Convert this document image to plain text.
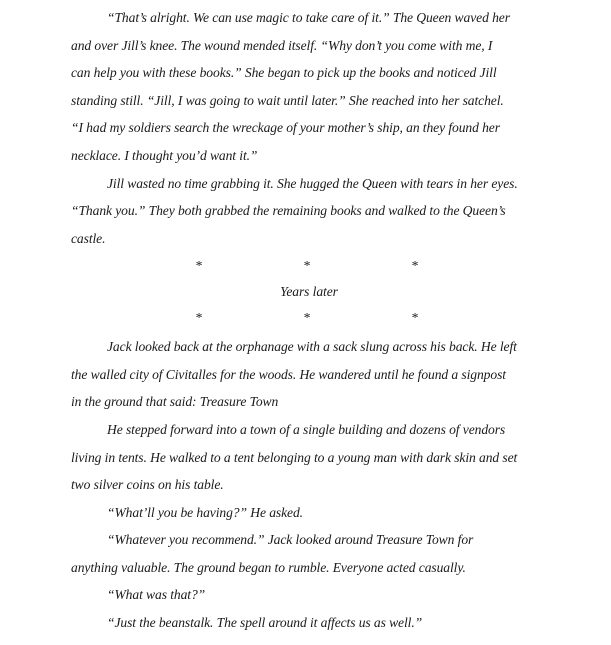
“That’s alright. We can use magic to take care of it.” The Queen waved her
and over Jill’s knee. The wound mended itself. “Why don’t you come with me, I
can help you with these books.” She began to pick up the books and noticed Jill
standing still. “Jill, I was going to wait until later.” She reached into her satchel.
“I had my soldiers search the wreckage of your mother’s ship, an they found her
necklace. I thought you’d want it.”
Jill wasted no time grabbing it. She hugged the Queen with tears in her eyes.
“Thank you.” They both grabbed the remaining books and walked to the Queen’s
castle.
*	*	*
Years later
*	*	*
Jack looked back at the orphanage with a sack slung across his back. He left
the walled city of Civitalles for the woods. He wandered until he found a signpost
in the ground that said: Treasure Town
He stepped forward into a town of a single building and dozens of vendors
living in tents. He walked to a tent belonging to a young man with dark skin and set
two silver coins on his table.
“What’ll you be having?” He asked.
“Whatever you recommend.” Jack looked around Treasure Town for
anything valuable. The ground began to rumble. Everyone acted casually.
“What was that?”
“Just the beanstalk. The spell around it affects us as well.”
